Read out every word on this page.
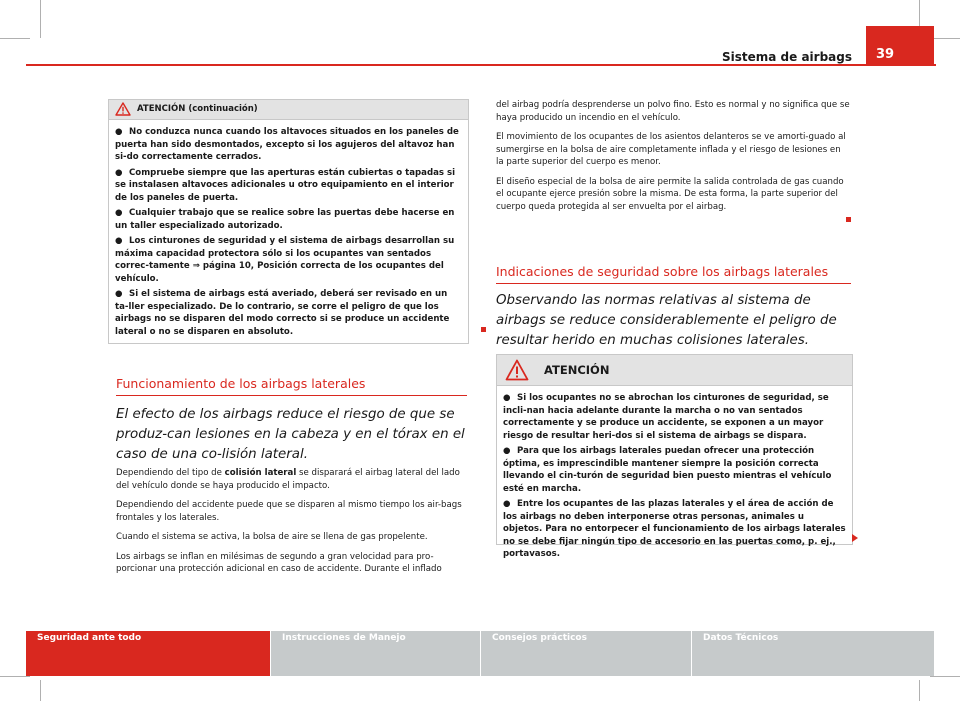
Sistema de airbags 39
ATENCIÓN (continuación)

● No conduzca nunca cuando los altavoces situados en los paneles de puerta han sido desmontados, excepto si los agujeros del altavoz han si-do correctamente cerrados.

● Compruebe siempre que las aperturas están cubiertas o tapadas si se instalasen altavoces adicionales u otro equipamiento en el interior de los paneles de puerta.

● Cualquier trabajo que se realice sobre las puertas debe hacerse en un taller especializado autorizado.

● Los cinturones de seguridad y el sistema de airbags desarrollan su máxima capacidad protectora sólo si los ocupantes van sentados correc-tamente ⇒ página 10, Posición correcta de los ocupantes del vehículo.

● Si el sistema de airbags está averiado, deberá ser revisado en un ta-ller especializado. De lo contrario, se corre el peligro de que los airbags no se disparen del modo correcto si se produce un accidente lateral o no se disparen en absoluto.

Funcionamiento de los airbags laterales
El efecto de los airbags reduce el riesgo de que se produz-can lesiones en la cabeza y en el tórax en el caso de una co-lisión lateral.

Dependiendo del tipo de colisión lateral se disparará el airbag lateral del lado del vehículo donde se haya producido el impacto.

Dependiendo del accidente puede que se disparen al mismo tiempo los air-bags frontales y los laterales.

Cuando el sistema se activa, la bolsa de aire se llena de gas propelente.

Los airbags se inflan en milésimas de segundo a gran velocidad para pro-porcionar una protección adicional en caso de accidente. Durante el inflado

del airbag podría desprenderse un polvo fino. Esto es normal y no significa que se haya producido un incendio en el vehículo.

El movimiento de los ocupantes de los asientos delanteros se ve amorti-guado al sumergirse en la bolsa de aire completamente inflada y el riesgo de lesiones en la parte superior del cuerpo es menor.

El diseño especial de la bolsa de aire permite la salida controlada de gas cuando el ocupante ejerce presión sobre la misma. De esta forma, la parte superior del cuerpo queda protegida al ser envuelta por el airbag.

Indicaciones de seguridad sobre los airbags laterales
Observando las normas relativas al sistema de airbags se reduce considerablemente el peligro de resultar herido en muchas colisiones laterales.
ATENCIÓN

● Si los ocupantes no se abrochan los cinturones de seguridad, se incli-nan hacia adelante durante la marcha o no van sentados correctamente y se produce un accidente, se exponen a un mayor riesgo de resultar heri-dos si el sistema de airbags se dispara.

● Para que los airbags laterales puedan ofrecer una protección óptima, es imprescindible mantener siempre la posición correcta llevando el cin-turón de seguridad bien puesto mientras el vehículo esté en marcha.

● Entre los ocupantes de las plazas laterales y el área de acción de los airbags no deben interponerse otras personas, animales u objetos. Para no entorpecer el funcionamiento de los airbags laterales no se debe fijar ningún tipo de accesorio en las puertas como, p. ej., portavasos.

Seguridad ante todo	Instrucciones de Manejo	Consejos prácticos	Datos Técnicos
